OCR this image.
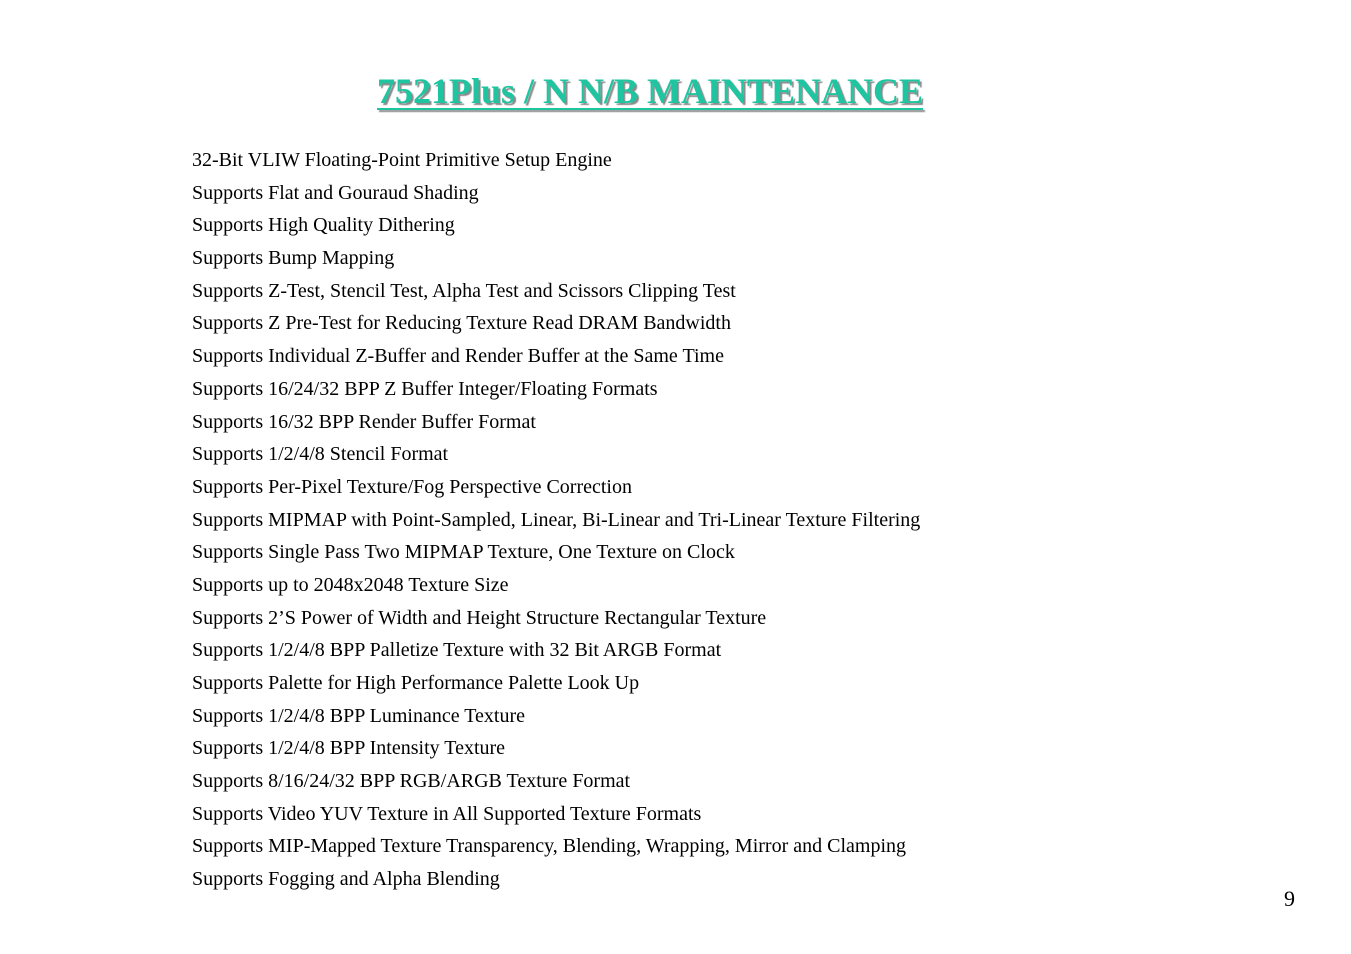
7521Plus / N N/B MAINTENANCE
32-Bit VLIW Floating-Point Primitive Setup Engine
Supports Flat and Gouraud Shading
Supports High Quality Dithering
Supports Bump Mapping
Supports Z-Test, Stencil Test, Alpha Test and Scissors Clipping Test
Supports Z Pre-Test for Reducing Texture Read DRAM Bandwidth
Supports Individual Z-Buffer and Render Buffer at the Same Time
Supports 16/24/32 BPP Z Buffer Integer/Floating Formats
Supports 16/32 BPP Render Buffer Format
Supports 1/2/4/8 Stencil Format
Supports Per-Pixel Texture/Fog Perspective Correction
Supports MIPMAP with Point-Sampled, Linear, Bi-Linear and Tri-Linear Texture Filtering
Supports Single Pass Two MIPMAP Texture, One Texture on Clock
Supports up to 2048x2048 Texture Size
Supports 2’S Power of Width and Height Structure Rectangular Texture
Supports 1/2/4/8 BPP Palletize Texture with 32 Bit ARGB Format
Supports Palette for High Performance Palette Look Up
Supports 1/2/4/8 BPP Luminance Texture
Supports 1/2/4/8 BPP Intensity Texture
Supports 8/16/24/32 BPP RGB/ARGB Texture Format
Supports Video YUV Texture in All Supported Texture Formats
Supports MIP-Mapped Texture Transparency, Blending, Wrapping, Mirror and Clamping
Supports Fogging and Alpha Blending
9
